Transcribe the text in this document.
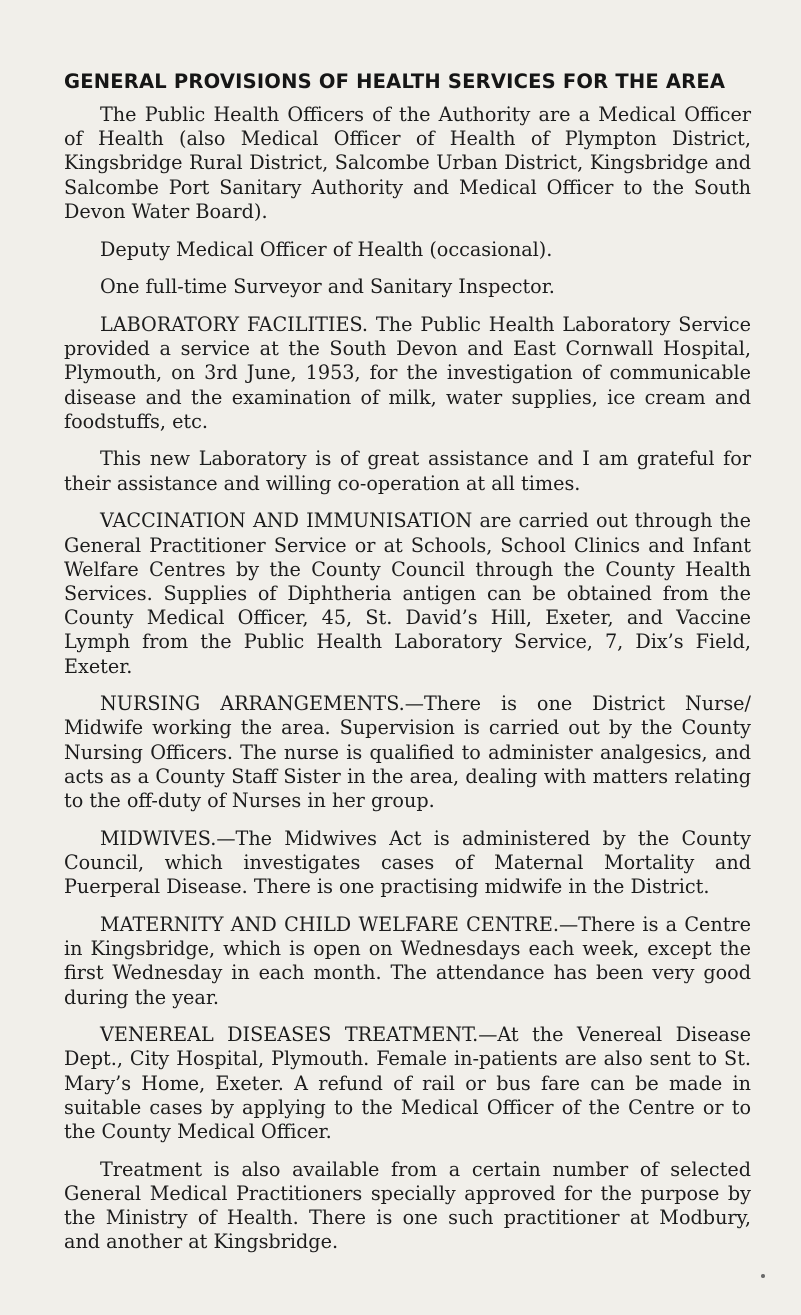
GENERAL PROVISIONS OF HEALTH SERVICES FOR THE AREA

The Public Health Officers of the Authority are a Medical Officer of Health (also Medical Officer of Health of Plympton District, Kingsbridge Rural District, Salcombe Urban District, Kingsbridge and Salcombe Port Sanitary Authority and Medical Officer to the South Devon Water Board).

Deputy Medical Officer of Health (occasional).

One full-time Surveyor and Sanitary Inspector.

LABORATORY FACILITIES. The Public Health Laboratory Service provided a service at the South Devon and East Cornwall Hospital, Plymouth, on 3rd June, 1953, for the investigation of communicable disease and the examination of milk, water supplies, ice cream and foodstuffs, etc.

This new Laboratory is of great assistance and I am grateful for their assistance and willing co-operation at all times.

VACCINATION AND IMMUNISATION are carried out through the General Practitioner Service or at Schools, School Clinics and Infant Welfare Centres by the County Council through the County Health Services. Supplies of Diphtheria antigen can be obtained from the County Medical Officer, 45, St. David’s Hill, Exeter, and Vaccine Lymph from the Public Health Laboratory Service, 7, Dix’s Field, Exeter.

NURSING ARRANGEMENTS.—There is one District Nurse/ Midwife working the area. Supervision is carried out by the County Nursing Officers. The nurse is qualified to administer analgesics, and acts as a County Staff Sister in the area, dealing with matters relating to the off-duty of Nurses in her group.

MIDWIVES.—The Midwives Act is administered by the County Council, which investigates cases of Maternal Mortality and Puerperal Disease. There is one practising midwife in the District.

MATERNITY AND CHILD WELFARE CENTRE.—There is a Centre in Kingsbridge, which is open on Wednesdays each week, except the first Wednesday in each month. The attendance has been very good during the year.

VENEREAL DISEASES TREATMENT.—At the Venereal Disease Dept., City Hospital, Plymouth. Female in-patients are also sent to St. Mary’s Home, Exeter. A refund of rail or bus fare can be made in suitable cases by applying to the Medical Officer of the Centre or to the County Medical Officer.

Treatment is also available from a certain number of selected General Medical Practitioners specially approved for the purpose by the Ministry of Health. There is one such practitioner at Modbury, and another at Kingsbridge.
